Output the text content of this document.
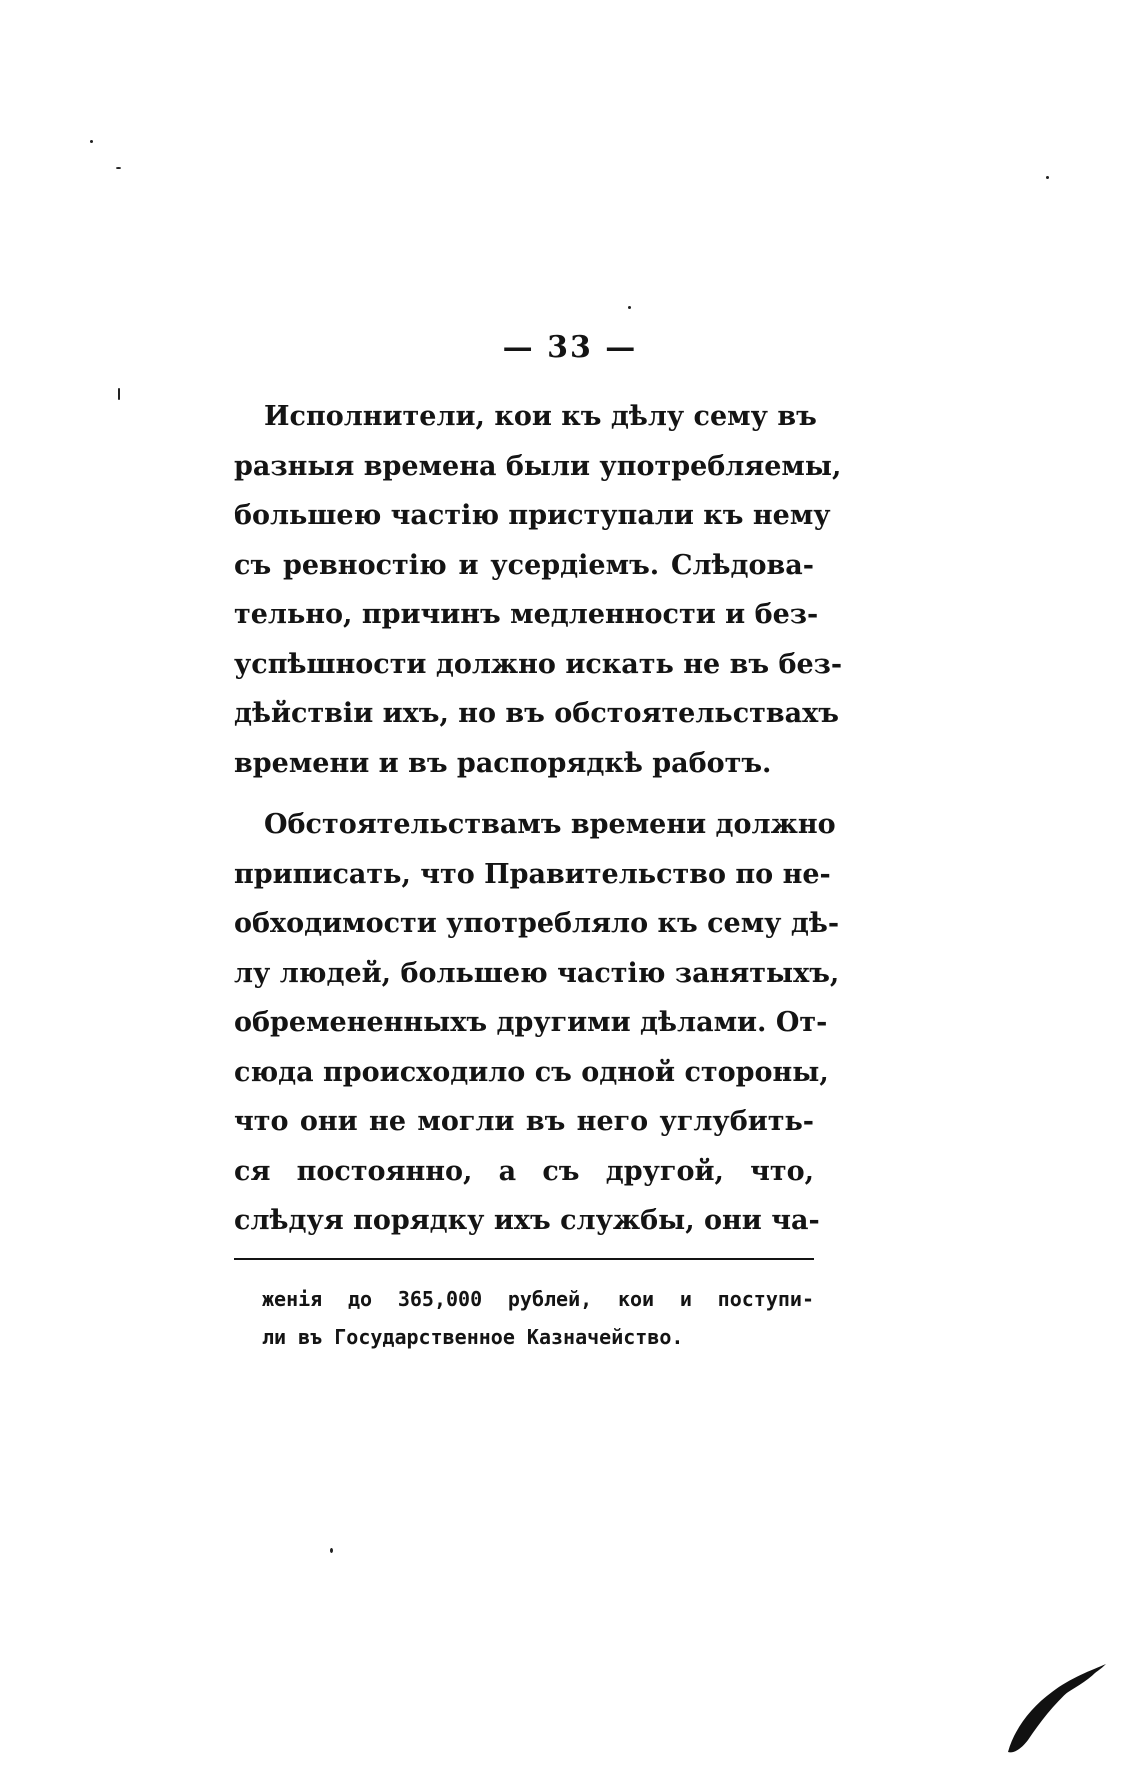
— 33 —
Исполнители, кои къ дѣлу сему въ
разныя времена были употребляемы,
большею частію приступали къ нему
съ ревностію и усердіемъ. Слѣдова-
тельно, причинъ медленности и без-
успѣшности должно искать не въ без-
дѣйствіи ихъ, но въ обстоятельствахъ
времени и въ распорядкѣ работъ.
Обстоятельствамъ времени должно
приписать, что Правительство по не-
обходимости употребляло къ сему дѣ-
лу людей, большею частію занятыхъ,
обремененныхъ другими дѣлами. От-
сюда происходило съ одной стороны,
что они не могли въ него углубить-
ся постоянно, а съ другой, что,
слѣдуя порядку ихъ службы, они ча-
женія до 365,000 рублей, кои и поступи-
ли въ Государственное Казначейство.
